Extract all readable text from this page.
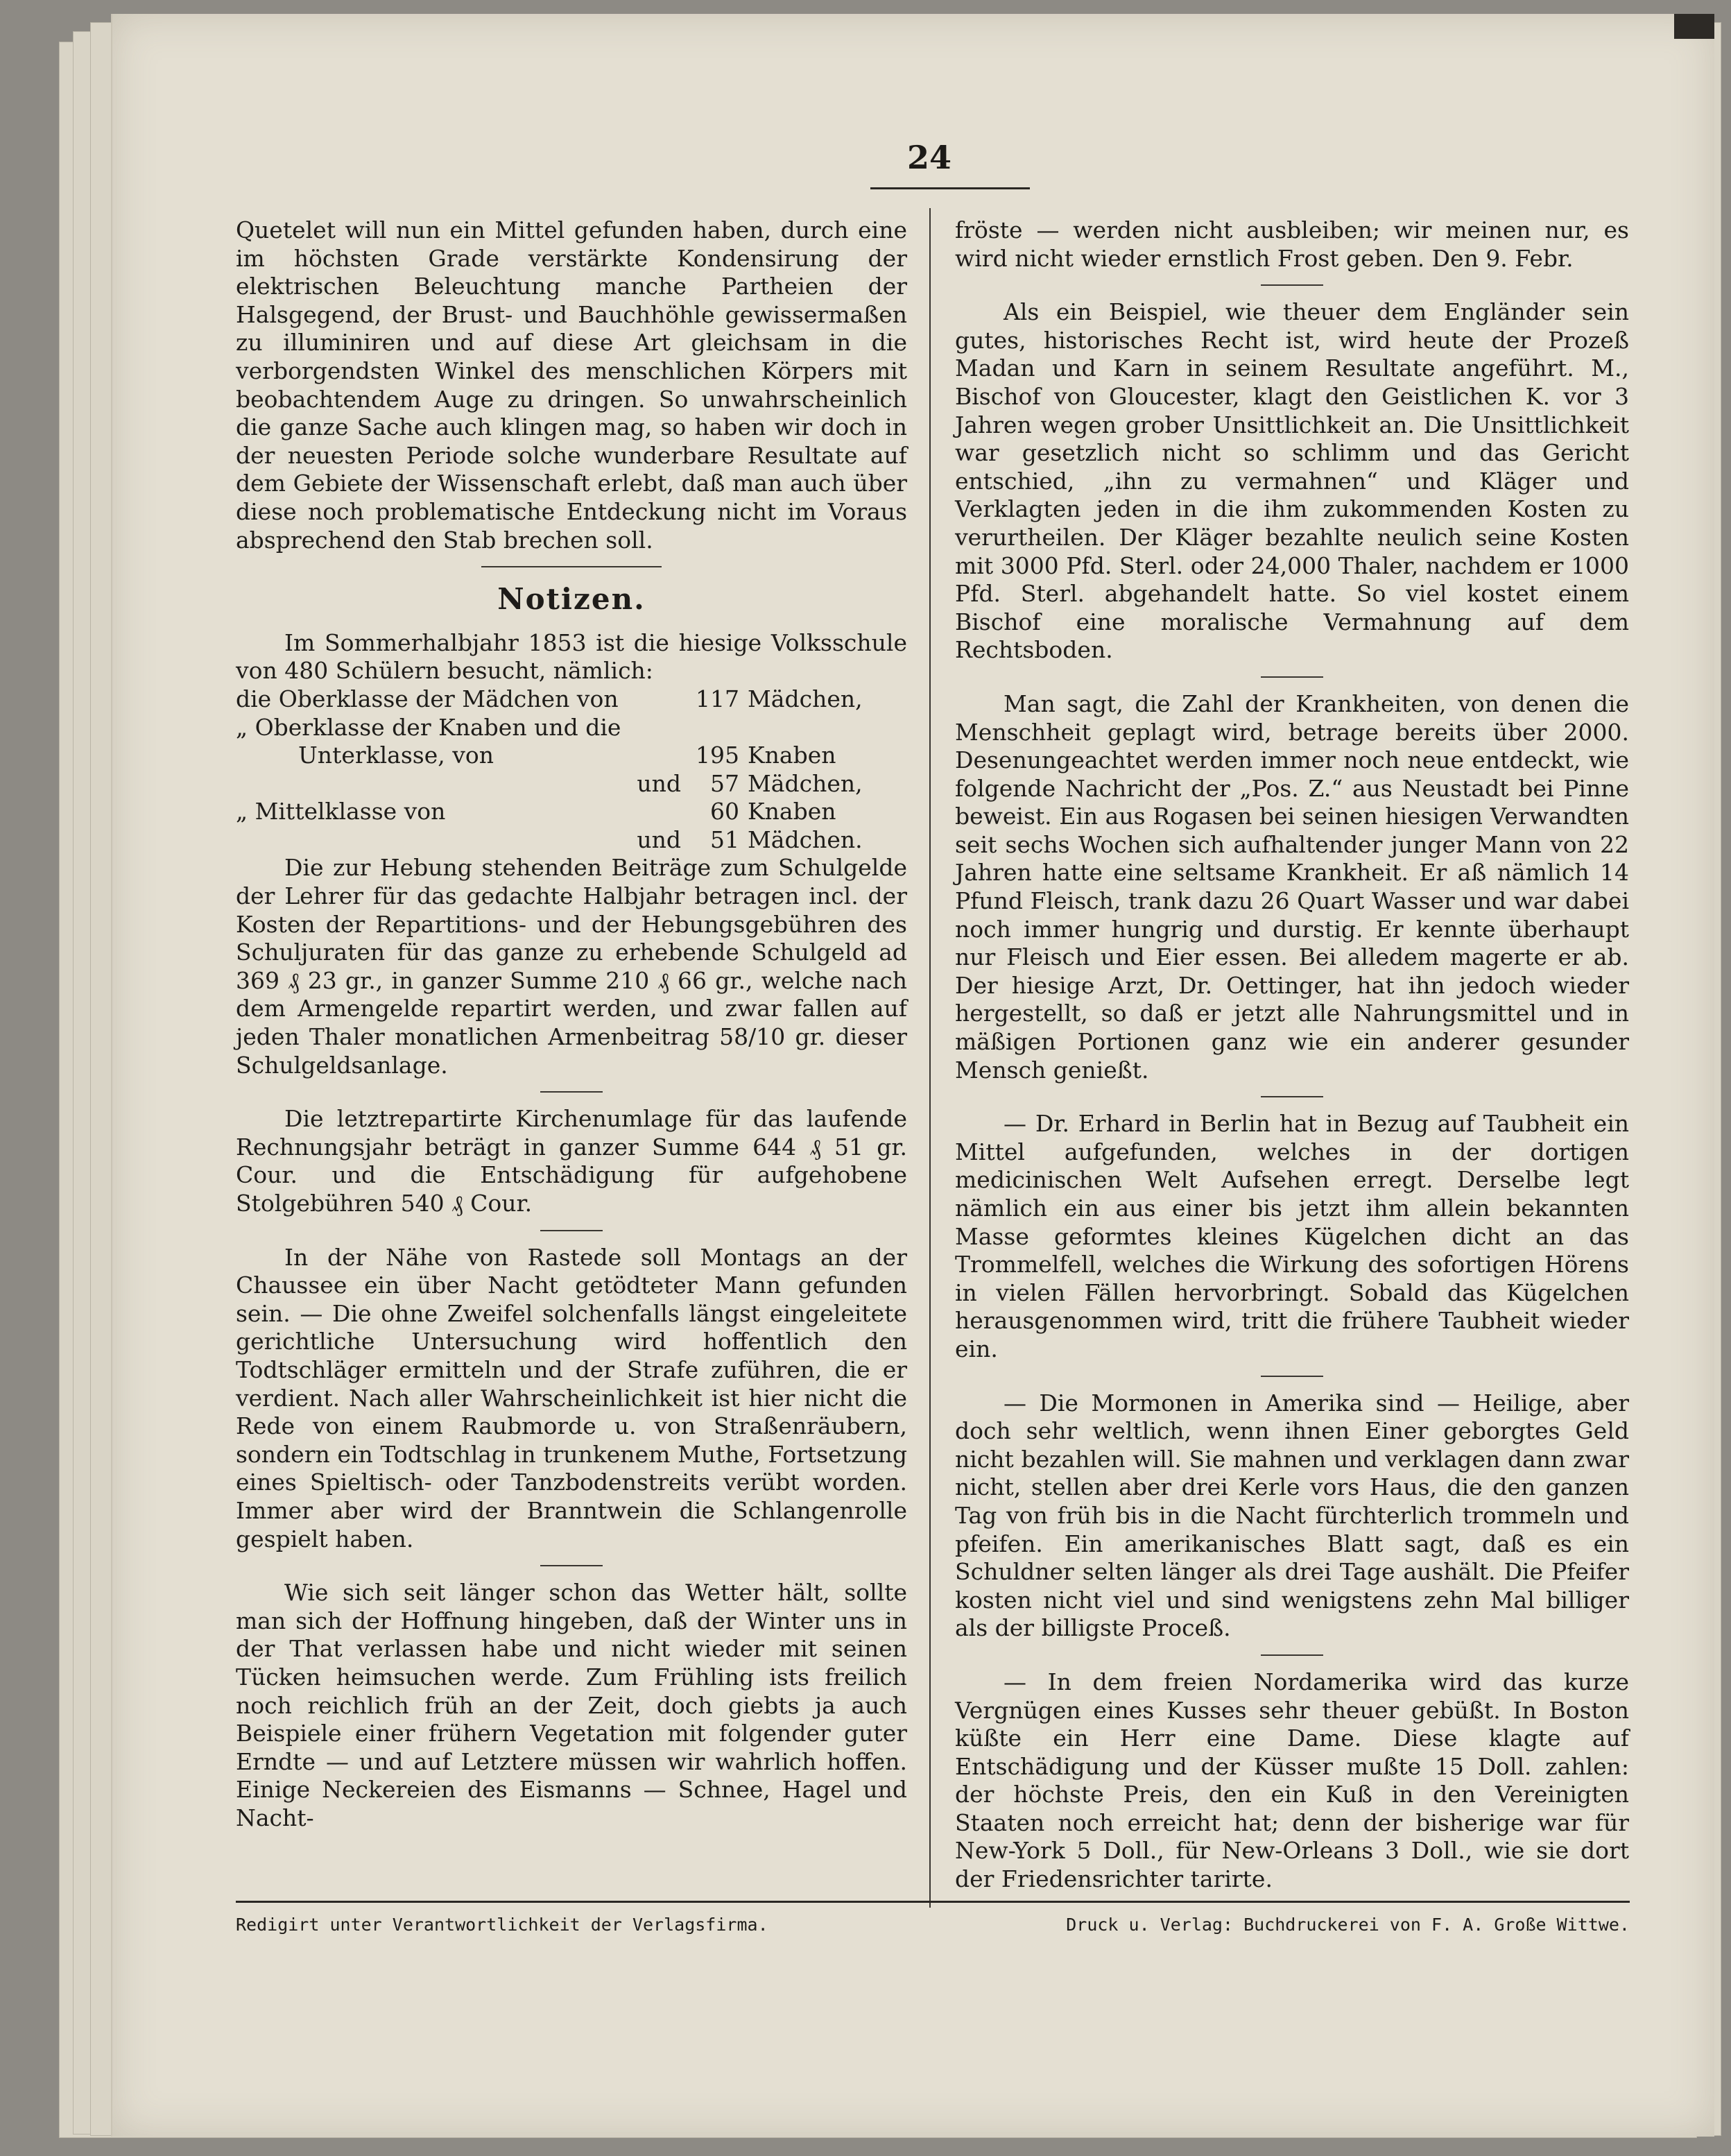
24

Quetelet will nun ein Mittel gefunden haben, durch eine im höchsten Grade verstärkte Kondensirung der elektrischen Beleuchtung manche Partheien der Halsgegend, der Brust- und Bauchhöhle gewissermaßen zu illuminiren und auf diese Art gleichsam in die verborgendsten Winkel des menschlichen Körpers mit beobachtendem Auge zu dringen. So unwahrscheinlich die ganze Sache auch klingen mag, so haben wir doch in der neuesten Periode solche wunderbare Resultate auf dem Gebiete der Wissenschaft erlebt, daß man auch über diese noch problematische Entdeckung nicht im Voraus absprechend den Stab brechen soll.

Notizen.

Im Sommerhalbjahr 1853 ist die hiesige Volksschule von 480 Schülern besucht, nämlich:

die Oberklasse der Mädchen von	117 Mädchen,
„ Oberklasse der Knaben und die
Unterklasse, von	195 Knaben
und	57 Mädchen,
„ Mittelklasse von	60 Knaben
und	51 Mädchen.

Die zur Hebung stehenden Beiträge zum Schulgelde der Lehrer für das gedachte Halbjahr betragen incl. der Kosten der Repartitions- und der Hebungsgebühren des Schuljuraten für das ganze zu erhebende Schulgeld ad 369 ₰ 23 gr., in ganzer Summe 210 ₰ 66 gr., welche nach dem Armengelde repartirt werden, und zwar fallen auf jeden Thaler monatlichen Armenbeitrag 58/10 gr. dieser Schulgeldsanlage.

Die letztrepartirte Kirchenumlage für das laufende Rechnungsjahr beträgt in ganzer Summe 644 ₰ 51 gr. Cour. und die Entschädigung für aufgehobene Stolgebühren 540 ₰ Cour.

In der Nähe von Rastede soll Montags an der Chaussee ein über Nacht getödteter Mann gefunden sein. — Die ohne Zweifel solchenfalls längst eingeleitete gerichtliche Untersuchung wird hoffentlich den Todtschläger ermitteln und der Strafe zuführen, die er verdient. Nach aller Wahrscheinlichkeit ist hier nicht die Rede von einem Raubmorde u. von Straßenräubern, sondern ein Todtschlag in trunkenem Muthe, Fortsetzung eines Spieltisch- oder Tanzbodenstreits verübt worden. Immer aber wird der Branntwein die Schlangenrolle gespielt haben.

Wie sich seit länger schon das Wetter hält, sollte man sich der Hoffnung hingeben, daß der Winter uns in der That verlassen habe und nicht wieder mit seinen Tücken heimsuchen werde. Zum Frühling ists freilich noch reichlich früh an der Zeit, doch giebts ja auch Beispiele einer frühern Vegetation mit folgender guter Erndte — und auf Letztere müssen wir wahrlich hoffen. Einige Neckereien des Eismanns — Schnee, Hagel und Nacht-

fröste — werden nicht ausbleiben; wir meinen nur, es wird nicht wieder ernstlich Frost geben. Den 9. Febr.

Als ein Beispiel, wie theuer dem Engländer sein gutes, historisches Recht ist, wird heute der Prozeß Madan und Karn in seinem Resultate angeführt. M., Bischof von Gloucester, klagt den Geistlichen K. vor 3 Jahren wegen grober Unsittlichkeit an. Die Unsittlichkeit war gesetzlich nicht so schlimm und das Gericht entschied, „ihn zu vermahnen“ und Kläger und Verklagten jeden in die ihm zukommenden Kosten zu verurtheilen. Der Kläger bezahlte neulich seine Kosten mit 3000 Pfd. Sterl. oder 24,000 Thaler, nachdem er 1000 Pfd. Sterl. abgehandelt hatte. So viel kostet einem Bischof eine moralische Vermahnung auf dem Rechtsboden.

Man sagt, die Zahl der Krankheiten, von denen die Menschheit geplagt wird, betrage bereits über 2000. Desenungeachtet werden immer noch neue entdeckt, wie folgende Nachricht der „Pos. Z.“ aus Neustadt bei Pinne beweist. Ein aus Rogasen bei seinen hiesigen Verwandten seit sechs Wochen sich aufhaltender junger Mann von 22 Jahren hatte eine seltsame Krankheit. Er aß nämlich 14 Pfund Fleisch, trank dazu 26 Quart Wasser und war dabei noch immer hungrig und durstig. Er kennte überhaupt nur Fleisch und Eier essen. Bei alledem magerte er ab. Der hiesige Arzt, Dr. Oettinger, hat ihn jedoch wieder hergestellt, so daß er jetzt alle Nahrungsmittel und in mäßigen Portionen ganz wie ein anderer gesunder Mensch genießt.

— Dr. Erhard in Berlin hat in Bezug auf Taubheit ein Mittel aufgefunden, welches in der dortigen medicinischen Welt Aufsehen erregt. Derselbe legt nämlich ein aus einer bis jetzt ihm allein bekannten Masse geformtes kleines Kügelchen dicht an das Trommelfell, welches die Wirkung des sofortigen Hörens in vielen Fällen hervorbringt. Sobald das Kügelchen herausgenommen wird, tritt die frühere Taubheit wieder ein.

— Die Mormonen in Amerika sind — Heilige, aber doch sehr weltlich, wenn ihnen Einer geborgtes Geld nicht bezahlen will. Sie mahnen und verklagen dann zwar nicht, stellen aber drei Kerle vors Haus, die den ganzen Tag von früh bis in die Nacht fürchterlich trommeln und pfeifen. Ein amerikanisches Blatt sagt, daß es ein Schuldner selten länger als drei Tage aushält. Die Pfeifer kosten nicht viel und sind wenigstens zehn Mal billiger als der billigste Proceß.

— In dem freien Nordamerika wird das kurze Vergnügen eines Kusses sehr theuer gebüßt. In Boston küßte ein Herr eine Dame. Diese klagte auf Entschädigung und der Küsser mußte 15 Doll. zahlen: der höchste Preis, den ein Kuß in den Vereinigten Staaten noch erreicht hat; denn der bisherige war für New-York 5 Doll., für New-Orleans 3 Doll., wie sie dort der Friedensrichter tarirte.

Redigirt unter Verantwortlichkeit der Verlagsfirma.	Druck u. Verlag: Buchdruckerei von F. A. Große Wittwe.
